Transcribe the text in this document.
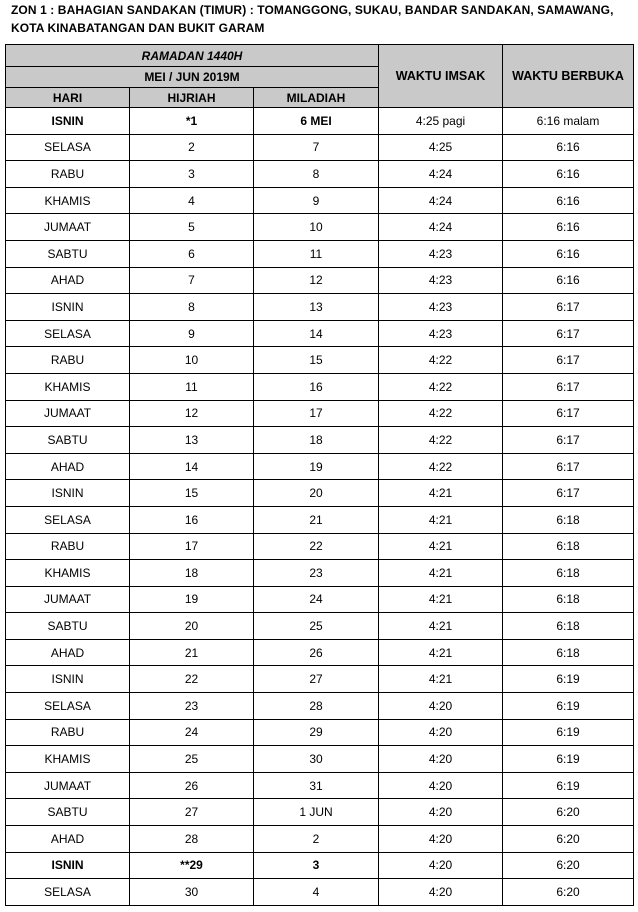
ZON 1 : BAHAGIAN SANDAKAN (TIMUR) : TOMANGGONG, SUKAU, BANDAR SANDAKAN, SAMAWANG, KOTA KINABATANGAN DAN BUKIT GARAM
RAMADAN 1440H			WAKTU IMSAK	WAKTU BERBUKA
MEI / JUN 2019M				
HARI	HIJRIAH	MILADIAH		
ISNIN	*1	6 MEI	4:25 pagi	6:16 malam
SELASA	2	7	4:25	6:16
RABU	3	8	4:24	6:16
KHAMIS	4	9	4:24	6:16
JUMAAT	5	10	4:24	6:16
SABTU	6	11	4:23	6:16
AHAD	7	12	4:23	6:16
ISNIN	8	13	4:23	6:17
SELASA	9	14	4:23	6:17
RABU	10	15	4:22	6:17
KHAMIS	11	16	4:22	6:17
JUMAAT	12	17	4:22	6:17
SABTU	13	18	4:22	6:17
AHAD	14	19	4:22	6:17
ISNIN	15	20	4:21	6:17
SELASA	16	21	4:21	6:18
RABU	17	22	4:21	6:18
KHAMIS	18	23	4:21	6:18
JUMAAT	19	24	4:21	6:18
SABTU	20	25	4:21	6:18
AHAD	21	26	4:21	6:18
ISNIN	22	27	4:21	6:19
SELASA	23	28	4:20	6:19
RABU	24	29	4:20	6:19
KHAMIS	25	30	4:20	6:19
JUMAAT	26	31	4:20	6:19
SABTU	27	1 JUN	4:20	6:20
AHAD	28	2	4:20	6:20
ISNIN	**29	3	4:20	6:20
SELASA	30	4	4:20	6:20
